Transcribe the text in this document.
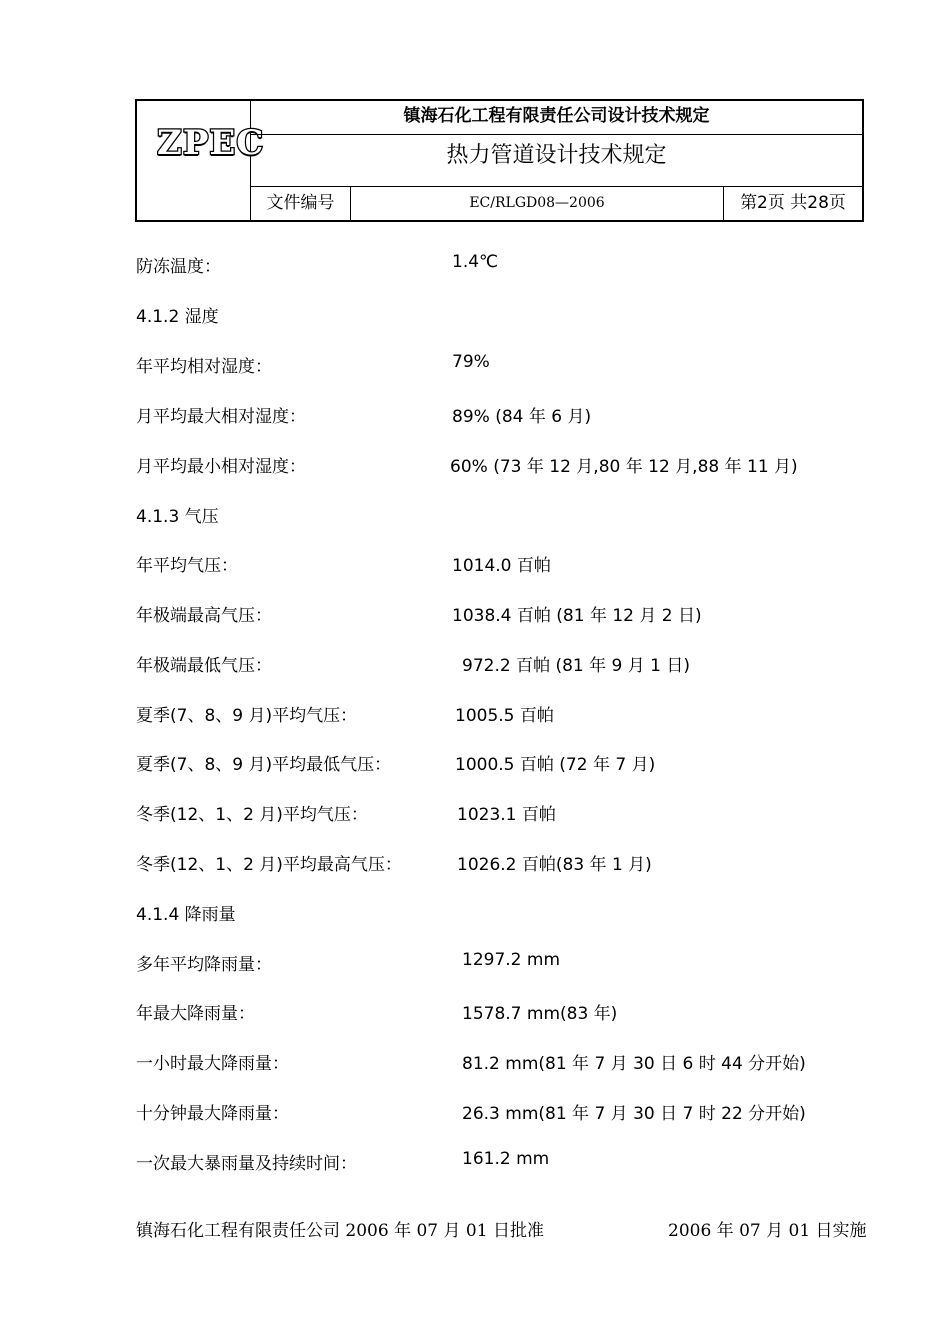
ZPEC
镇海石化工程有限责任公司设计技术规定
热力管道设计技术规定
文件编号	EC/RLGD08—2006	第2页 共28页
防冻温度：	1.4℃
4.1.2 湿度
年平均相对湿度：	79%
月平均最大相对湿度：	89% (84 年 6 月)
月平均最小相对湿度：	60% (73 年 12 月,80 年 12 月,88 年 11 月)
4.1.3 气压
年平均气压：	1014.0 百帕
年极端最高气压：	1038.4 百帕 (81 年 12 月 2 日)
年极端最低气压：	972.2 百帕 (81 年 9 月 1 日)
夏季(7、8、9 月)平均气压：	1005.5 百帕
夏季(7、8、9 月)平均最低气压：	1000.5 百帕 (72 年 7 月)
冬季(12、1、2 月)平均气压：	1023.1 百帕
冬季(12、1、2 月)平均最高气压：	1026.2 百帕(83 年 1 月)
4.1.4 降雨量
多年平均降雨量：	1297.2 mm
年最大降雨量：	1578.7 mm(83 年)
一小时最大降雨量：	81.2 mm(81 年 7 月 30 日 6 时 44 分开始)
十分钟最大降雨量：	26.3 mm(81 年 7 月 30 日 7 时 22 分开始)
一次最大暴雨量及持续时间：	161.2 mm
镇海石化工程有限责任公司 2006 年 07 月 01 日批准	2006 年 07 月 01 日实施
